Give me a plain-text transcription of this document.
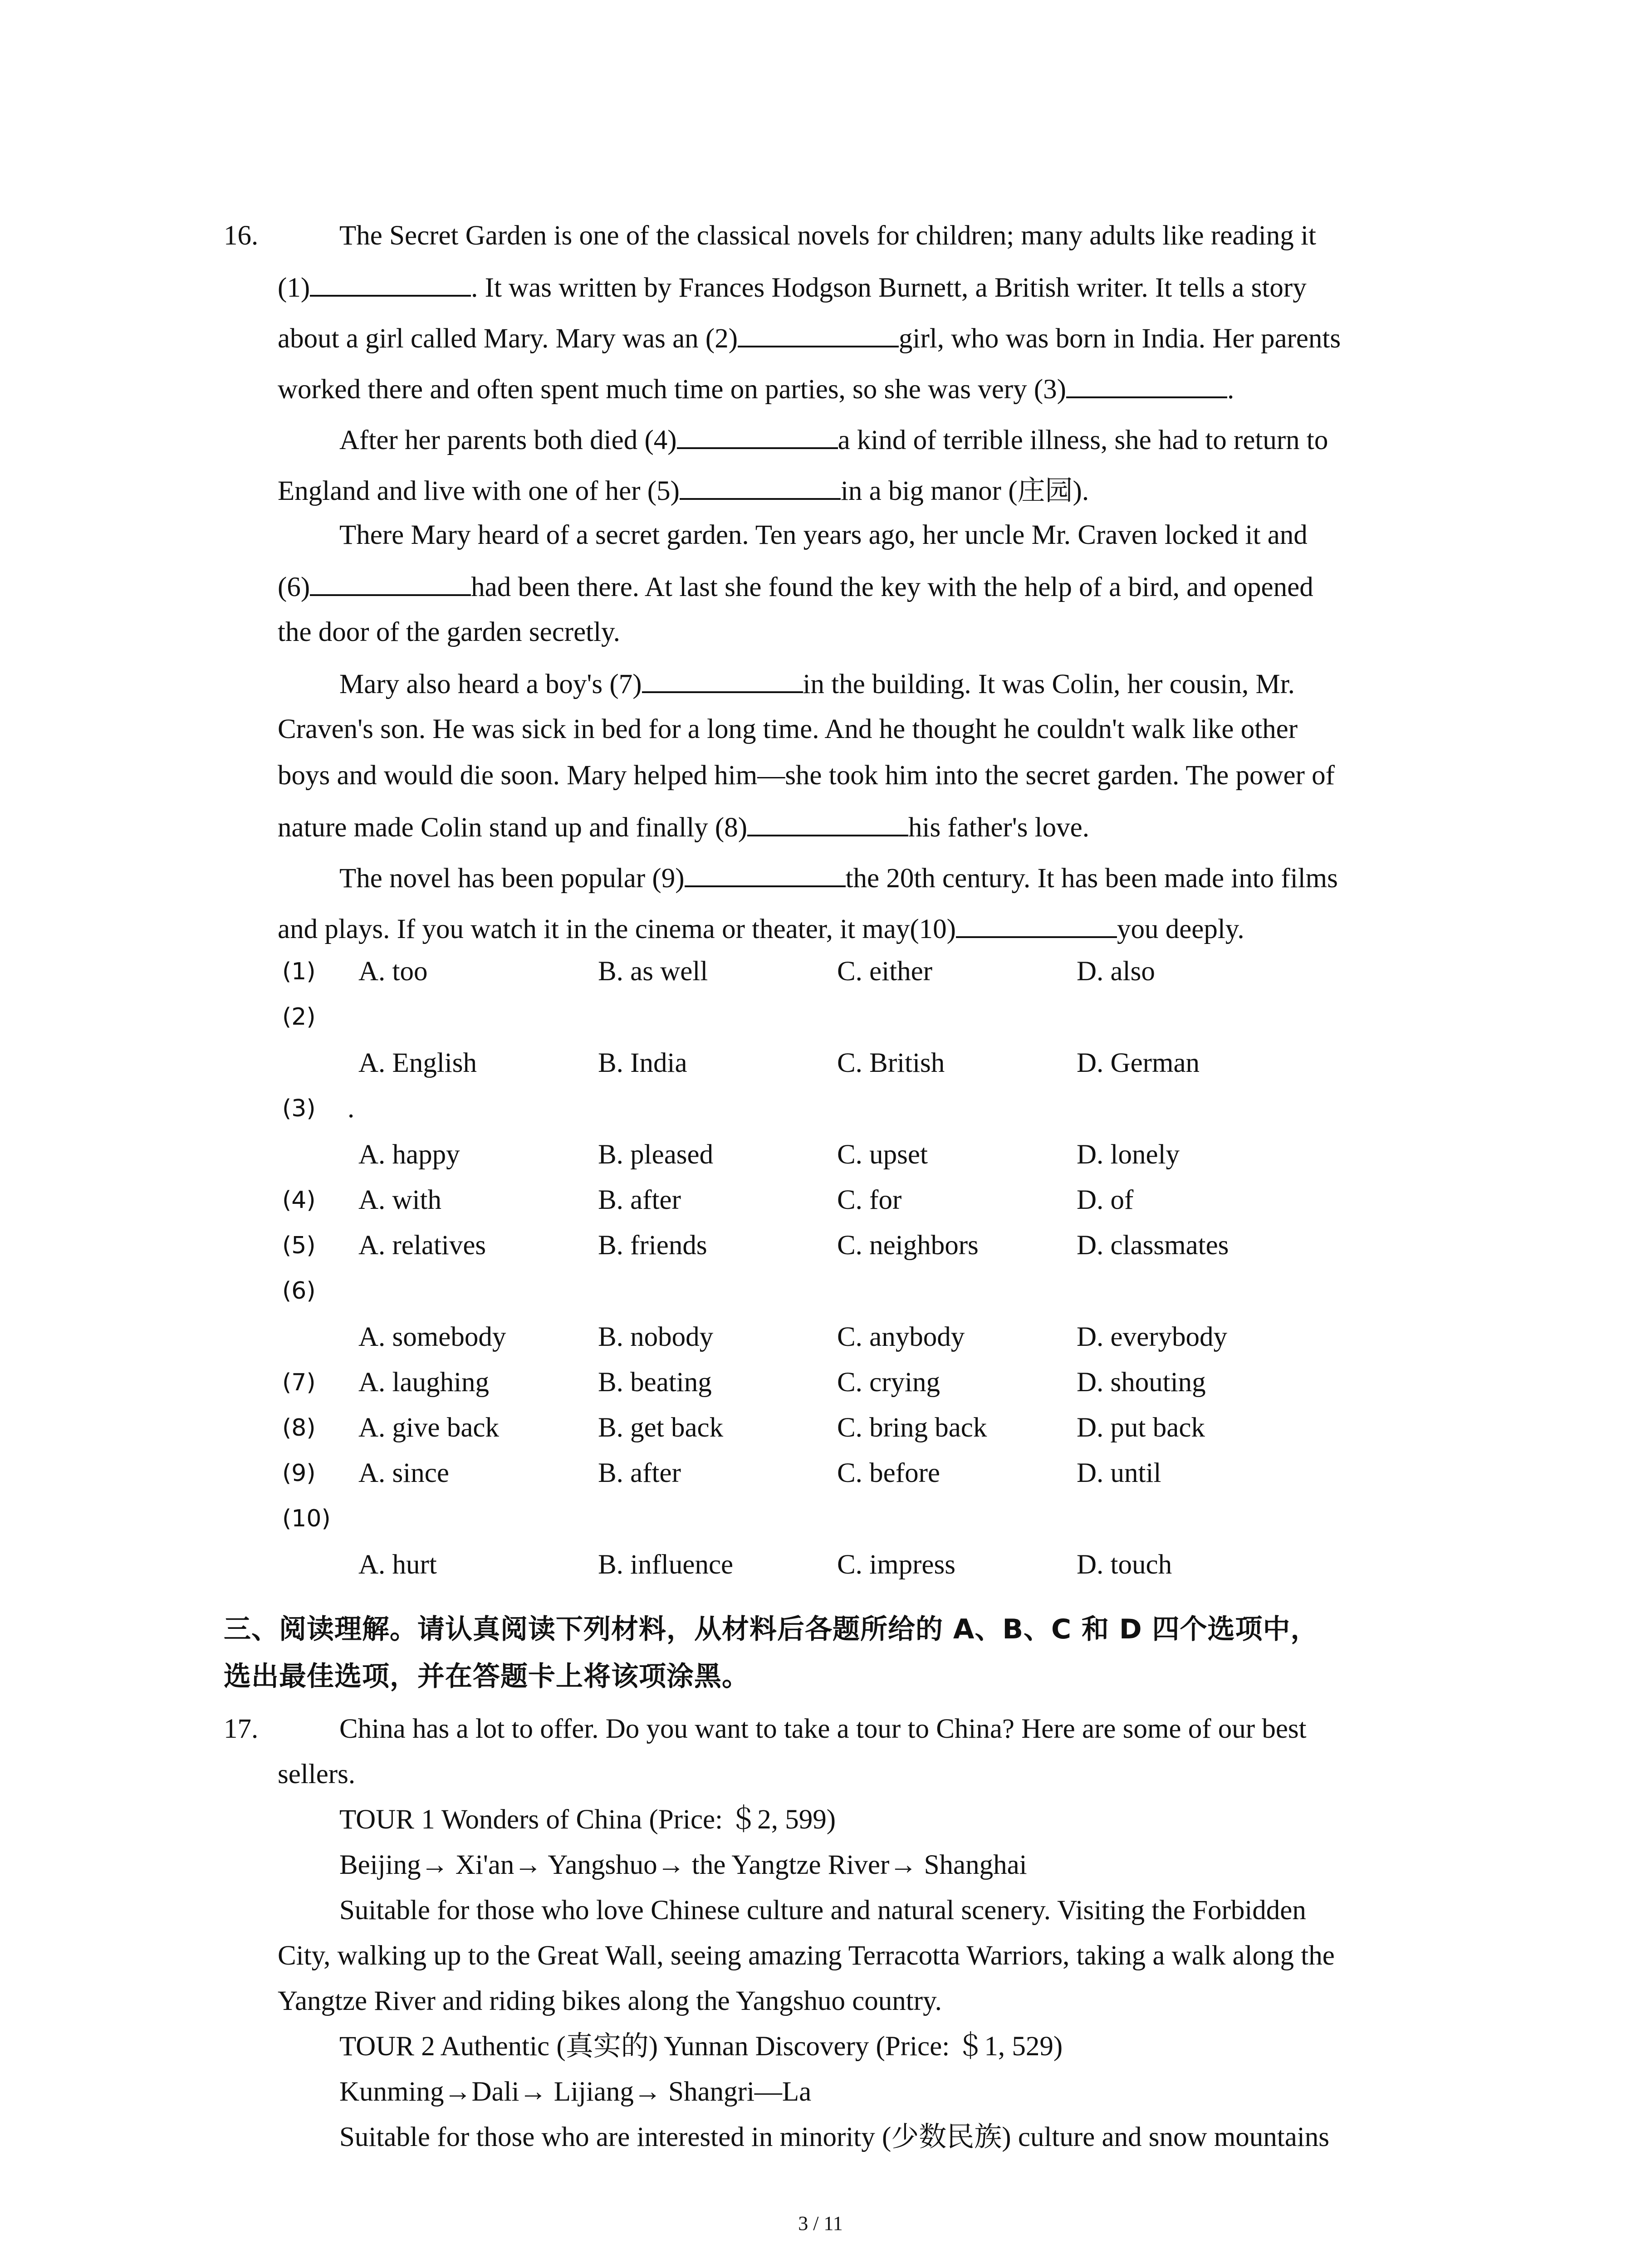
16.	The Secret Garden is one of the classical novels for children; many adults like reading it
(1)	. It was written by Frances Hodgson Burnett, a British writer. It tells a story
about a girl called Mary. Mary was an (2)	girl, who was born in India. Her parents
worked there and often spent much time on parties, so she was very (3)	.
After her parents both died (4)	a kind of terrible illness, she had to return to
England and live with one of her (5)	in a big manor (庄园).
There Mary heard of a secret garden. Ten years ago, her uncle Mr. Craven locked it and
(6)	had been there. At last she found the key with the help of a bird, and opened
the door of the garden secretly.
Mary also heard a boy's (7)	in the building. It was Colin, her cousin, Mr.
Craven's son. He was sick in bed for a long time. And he thought he couldn't walk like other
boys and would die soon. Mary helped him—she took him into the secret garden. The power of
nature made Colin stand up and finally (8)	his father's love.
The novel has been popular (9)	the 20th century. It has been made into films
and plays. If you watch it in the cinema or theater, it may(10)	you deeply.
(1) A. too	B. as well	C. either	D. also
(2)
A. English	B. India	C. British	D. German
(3) .
A. happy	B. pleased	C. upset	D. lonely
(4) A. with	B. after	C. for	D. of
(5) A. relatives	B. friends	C. neighbors	D. classmates
(6)
A. somebody	B. nobody	C. anybody	D. everybody
(7) A. laughing	B. beating	C. crying	D. shouting
(8) A. give back	B. get back	C. bring back	D. put back
(9) A. since	B. after	C. before	D. until
(10)
A. hurt	B. influence	C. impress	D. touch
三、阅读理解。请认真阅读下列材料，从材料后各题所给的 A、B、C 和 D 四个选项中，
选出最佳选项，并在答题卡上将该项涂黑。
17.	China has a lot to offer. Do you want to take a tour to China? Here are some of our best
sellers.
TOUR 1 Wonders of China (Price: ＄2, 599)
Beijing→ Xi'an→ Yangshuo→ the Yangtze River→ Shanghai
Suitable for those who love Chinese culture and natural scenery. Visiting the Forbidden
City, walking up to the Great Wall, seeing amazing Terracotta Warriors, taking a walk along the
Yangtze River and riding bikes along the Yangshuo country.
TOUR 2 Authentic (真实的) Yunnan Discovery (Price: ＄1, 529)
Kunming→Dali→ Lijiang→ Shangri—La
Suitable for those who are interested in minority (少数民族) culture and snow mountains
3 / 11
